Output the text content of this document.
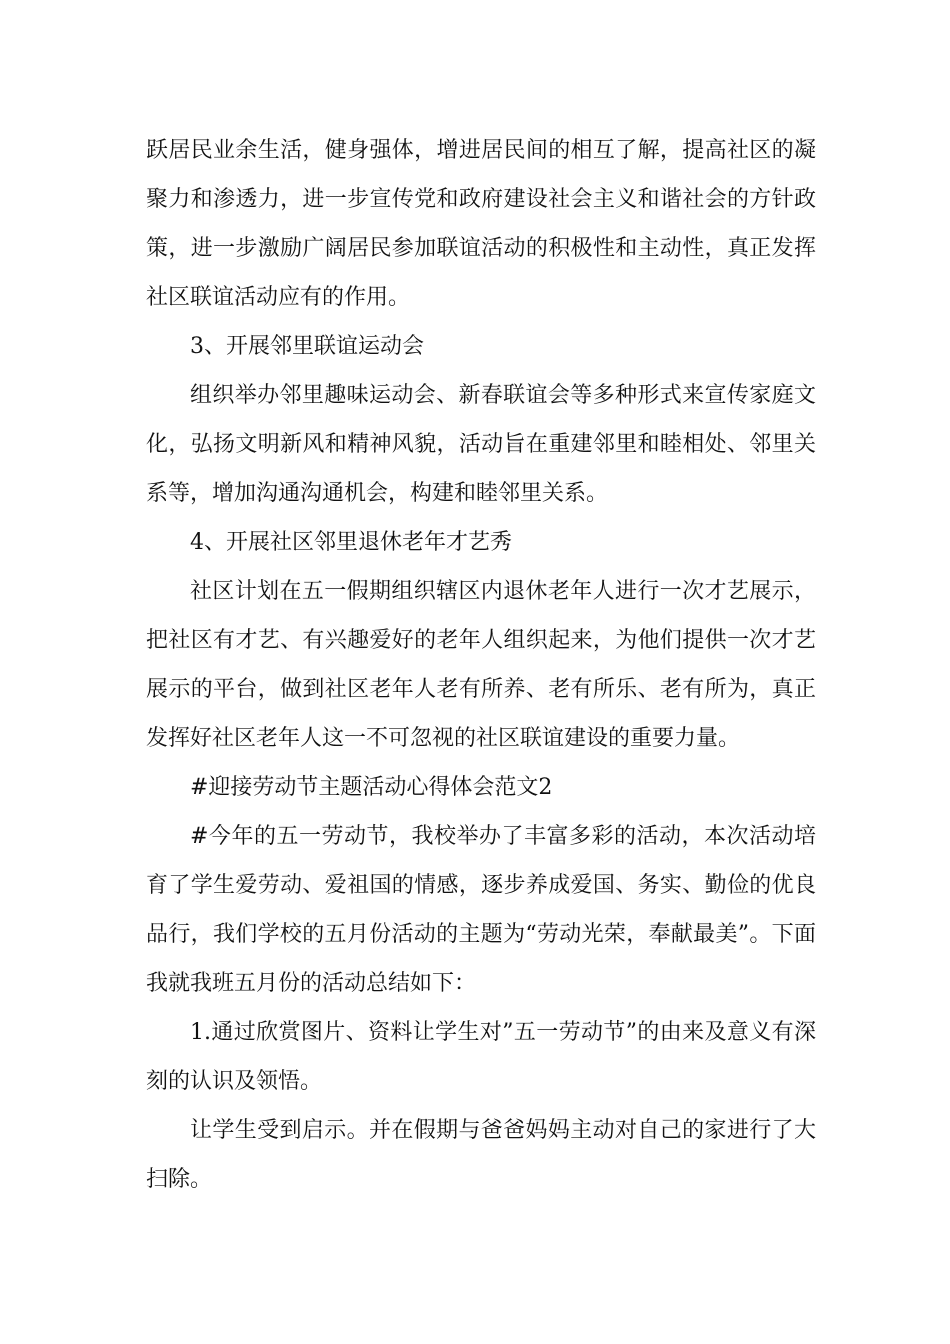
跃居民业余生活，健身强体，增进居民间的相互了解，提高社区的凝聚力和渗透力，进一步宣传党和政府建设社会主义和谐社会的方针政策，进一步激励广阔居民参加联谊活动的积极性和主动性，真正发挥社区联谊活动应有的作用。

3、开展邻里联谊运动会

组织举办邻里趣味运动会、新春联谊会等多种形式来宣传家庭文化，弘扬文明新风和精神风貌，活动旨在重建邻里和睦相处、邻里关系等，增加沟通沟通机会，构建和睦邻里关系。

4、开展社区邻里退休老年才艺秀

社区计划在五一假期组织辖区内退休老年人进行一次才艺展示，把社区有才艺、有兴趣爱好的老年人组织起来，为他们提供一次才艺展示的平台，做到社区老年人老有所养、老有所乐、老有所为，真正发挥好社区老年人这一不可忽视的社区联谊建设的重要力量。

#迎接劳动节主题活动心得体会范文2

#今年的五一劳动节，我校举办了丰富多彩的活动，本次活动培育了学生爱劳动、爱祖国的情感，逐步养成爱国、务实、勤俭的优良品行，我们学校的五月份活动的主题为“劳动光荣，奉献最美”。下面我就我班五月份的活动总结如下：

1.通过欣赏图片、资料让学生对”五一劳动节”的由来及意义有深刻的认识及领悟。

让学生受到启示。并在假期与爸爸妈妈主动对自己的家进行了大扫除。
